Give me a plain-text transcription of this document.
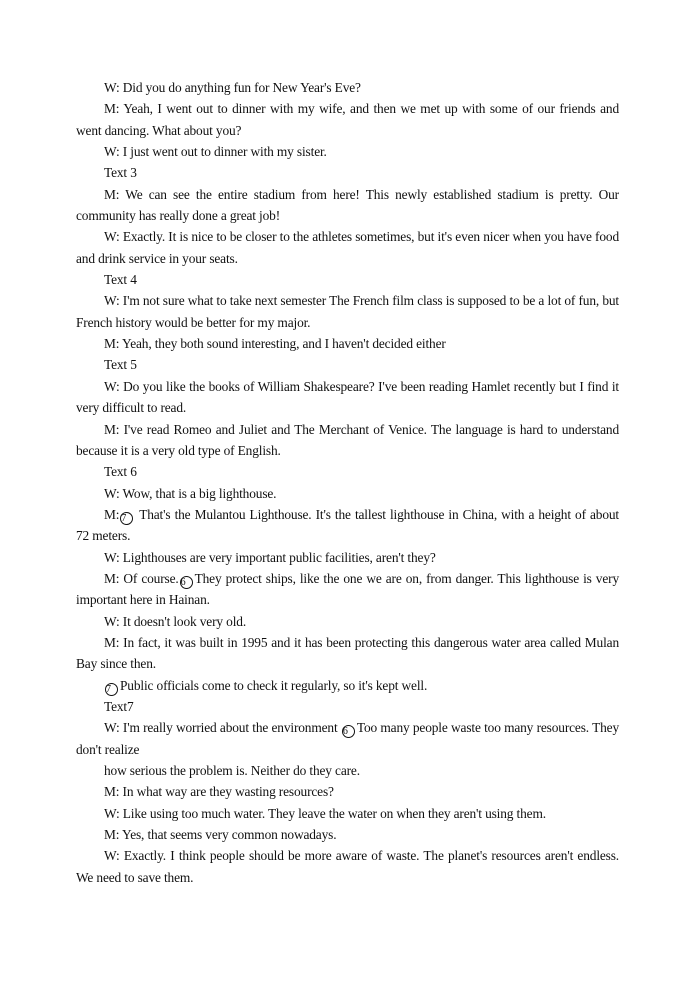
W: Did you do anything fun for New Year's Eve?

M: Yeah, I went out to dinner with my wife, and then we met up with some of our friends and went dancing. What about you?

W: I just went out to dinner with my sister.

Text 3

M: We can see the entire stadium from here! This newly established stadium is pretty. Our community has really done a great job!

W: Exactly. It is nice to be closer to the athletes sometimes, but it's even nicer when you have food and drink service in your seats.

Text 4

W: I'm not sure what to take next semester The French film class is supposed to be a lot of fun, but French history would be better for my major.

M: Yeah, they both sound interesting, and I haven't decided either

Text 5

W: Do you like the books of William Shakespeare? I've been reading Hamlet recently but I find it very difficult to read.

M: I've read Romeo and Juliet and The Merchant of Venice. The language is hard to understand because it is a very old type of English.

Text 6

W: Wow, that is a big lighthouse.

M: 7 That's the Mulantou Lighthouse. It's the tallest lighthouse in China, with a height of about 72 meters.

W: Lighthouses are very important public facilities, aren't they?

M: Of course. 6 They protect ships, like the one we are on, from danger. This lighthouse is very important here in Hainan.

W: It doesn't look very old.

M: In fact, it was built in 1995 and it has been protecting this dangerous water area called Mulan Bay since then.

7 Public officials come to check it regularly, so it's kept well.

Text7

W: I'm really worried about the environment 6 Too many people waste too many resources. They don't realize

how serious the problem is. Neither do they care.

M: In what way are they wasting resources?

W: Like using too much water. They leave the water on when they aren't using them.

M: Yes, that seems very common nowadays.

W: Exactly. I think people should be more aware of waste. The planet's resources aren't endless. We need to save them.
